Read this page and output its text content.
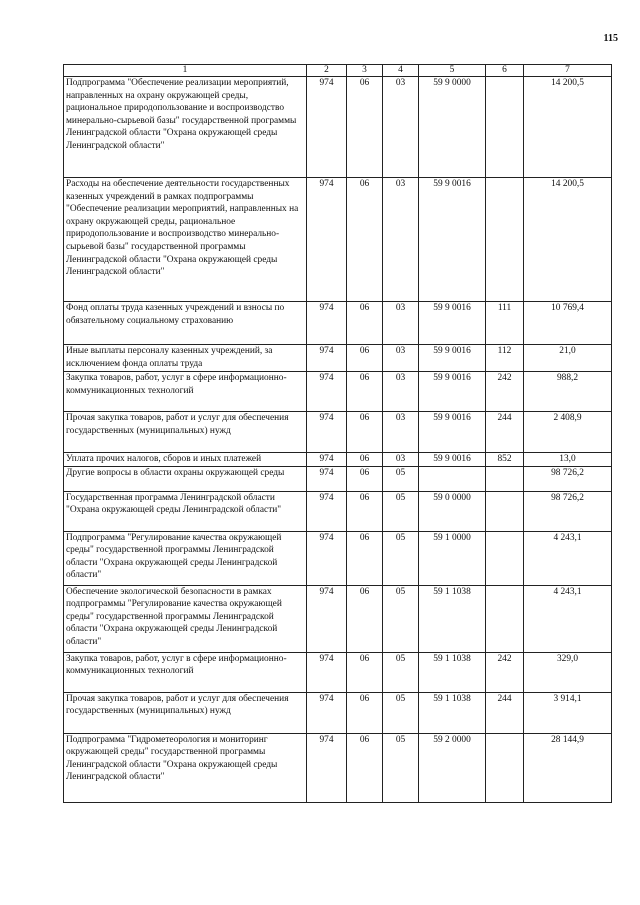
115
1	2	3	4	5	6	7
Подпрограмма "Обеспечение реализации мероприятий, направленных на охрану окружающей среды, рациональное природопользование и воспроизводство минерально-сырьевой базы" государственной программы Ленинградской области "Охрана окружающей среды Ленинградской области"	974	06	03	59 9 0000		14 200,5
Расходы на обеспечение деятельности государственных казенных учреждений в рамках подпрограммы "Обеспечение реализации мероприятий, направленных на охрану окружающей среды, рациональное природопользование и воспроизводство минерально-сырьевой базы" государственной программы Ленинградской области "Охрана окружающей среды Ленинградской области"	974	06	03	59 9 0016		14 200,5
Фонд оплаты труда казенных учреждений и взносы по обязательному социальному страхованию	974	06	03	59 9 0016	111	10 769,4
Иные выплаты персоналу казенных учреждений, за исключением фонда оплаты труда	974	06	03	59 9 0016	112	21,0
Закупка товаров, работ, услуг в сфере информационно-коммуникационных технологий	974	06	03	59 9 0016	242	988,2
Прочая закупка товаров, работ и услуг для обеспечения государственных (муниципальных) нужд	974	06	03	59 9 0016	244	2 408,9
Уплата прочих налогов, сборов и иных платежей	974	06	03	59 9 0016	852	13,0
Другие вопросы в области охраны окружающей среды	974	06	05			98 726,2
Государственная программа Ленинградской области "Охрана окружающей среды Ленинградской области"	974	06	05	59 0 0000		98 726,2
Подпрограмма "Регулирование качества окружающей среды" государственной программы Ленинградской области "Охрана окружающей среды Ленинградской области"	974	06	05	59 1 0000		4 243,1
Обеспечение экологической безопасности в рамках подпрограммы "Регулирование качества окружающей среды" государственной программы Ленинградской области "Охрана окружающей среды Ленинградской области"	974	06	05	59 1 1038		4 243,1
Закупка товаров, работ, услуг в сфере информационно-коммуникационных технологий	974	06	05	59 1 1038	242	329,0
Прочая закупка товаров, работ и услуг для обеспечения государственных (муниципальных) нужд	974	06	05	59 1 1038	244	3 914,1
Подпрограмма "Гидрометеорология и мониторинг окружающей среды" государственной программы Ленинградской области "Охрана окружающей среды Ленинградской области"	974	06	05	59 2 0000		28 144,9
